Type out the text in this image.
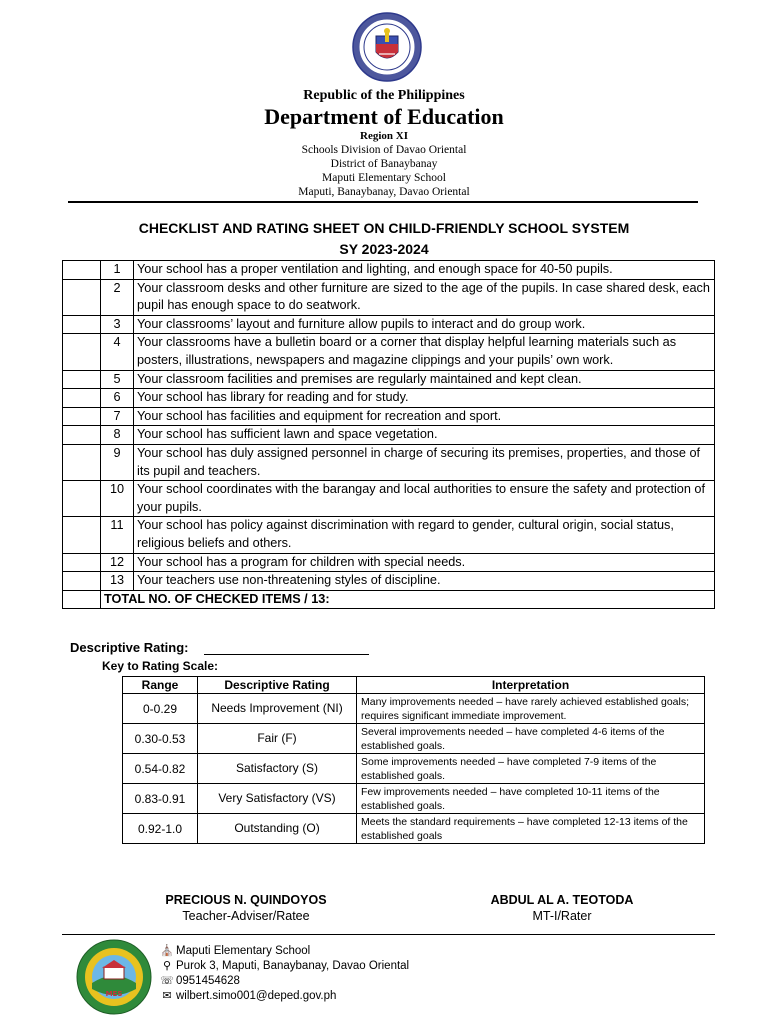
Republic of the Philippines
Department of Education
Region XI
Schools Division of Davao Oriental
District of Banaybanay
Maputi Elementary School
Maputi, Banaybanay, Davao Oriental
CHECKLIST AND RATING SHEET ON CHILD-FRIENDLY SCHOOL SYSTEM
SY 2023-2024
	1	Your school has a proper ventilation and lighting, and enough space for 40-50 pupils.
	2	Your classroom desks and other furniture are sized to the age of the pupils. In case shared desk, each pupil has enough space to do seatwork.
	3	Your classrooms’ layout and furniture allow pupils to interact and do group work.
	4	Your classrooms have a bulletin board or a corner that display helpful learning materials such as posters, illustrations, newspapers and magazine clippings and your pupils’ own work.
	5	Your classroom facilities and premises are regularly maintained and kept clean.
	6	Your school has library for reading and for study.
	7	Your school has facilities and equipment for recreation and sport.
	8	Your school has sufficient lawn and space vegetation.
	9	Your school has duly assigned personnel in charge of securing its premises, properties, and those of its pupil and teachers.
	10	Your school coordinates with the barangay and local authorities to ensure the safety and protection of your pupils.
	11	Your school has policy against discrimination with regard to gender, cultural origin, social status, religious beliefs and others.
	12	Your school has a program for children with special needs.
	13	Your teachers use non-threatening styles of discipline.
	TOTAL NO. OF CHECKED ITEMS / 13:	
Descriptive Rating:
Key to Rating Scale:
Range	Descriptive Rating	Interpretation
0-0.29	Needs Improvement (NI)	Many improvements needed – have rarely achieved established goals; requires significant immediate improvement.
0.30-0.53	Fair (F)	Several improvements needed – have completed 4-6 items of the established goals.
0.54-0.82	Satisfactory (S)	Some improvements needed – have completed 7-9 items of the established goals.
0.83-0.91	Very Satisfactory (VS)	Few improvements needed – have completed 10-11 items of the established goals.
0.92-1.0	Outstanding (O)	Meets the standard requirements – have completed 12-13 items of the established goals
PRECIOUS N. QUINDOYOS
Teacher-Adviser/Ratee
ABDUL AL A. TEOTODA
MT-I/Rater
MES
⛪ Maputi Elementary School
⚲ Purok 3, Maputi, Banaybanay, Davao Oriental
☏ 0951454628
✉ wilbert.simo001@deped.gov.ph
